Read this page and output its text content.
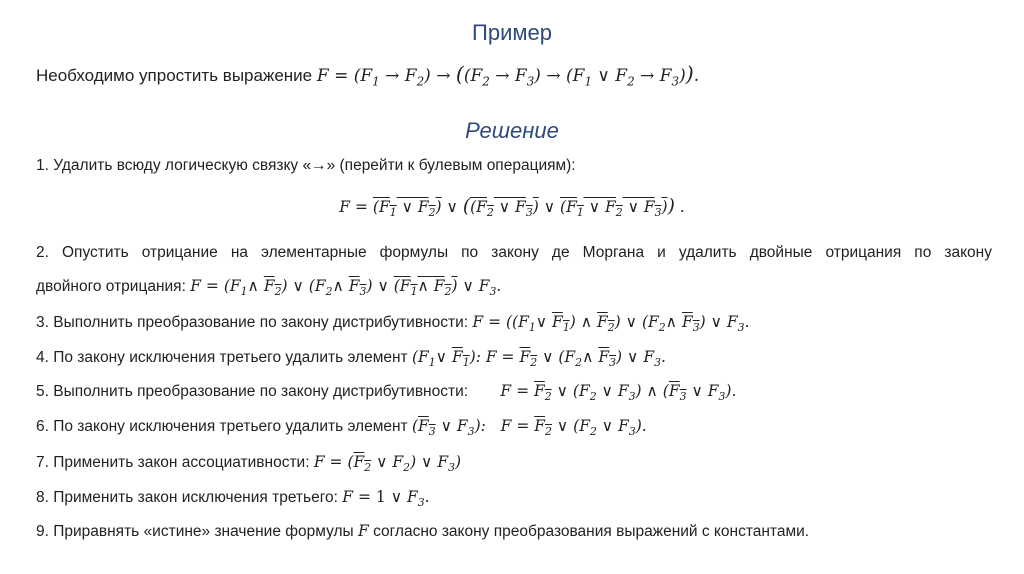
Пример
Необходимо упростить выражение $F = (F_1 \to F_2) \to ((F_2 \to F_3) \to (F_1$ ∨ $F_2 \to F_3$)).
Решение
1. Удалить всюду логическую связку «→» (перейти к булевым операциям):
$F = (F_1$ ∨ $F_2$) ∨ (($F_2$ ∨ $F_3$) ∨ ($F_1$ ∨ $F_2$ ∨ $F_3$)) .
2. Опустить отрицание на элементарные формулы по закону де Моргана и удалить двойные отрицания по закону
двойного отрицания: $F = (F_1\wedge$ $F_2$) ∨ ($F_2\wedge$ $F_3$) ∨ ($F_1\wedge$ $F_2$) ∨ $F_3$.
3. Выполнить преобразование по закону дистрибутивности: $F = ((F_1\vee$ $F_1$) ∧ $F_2$) ∨ ($F_2\wedge$ $F_3$) ∨ $F_3$.
4. По закону исключения третьего удалить элемент ($F_1\vee$ $F_1$): $F = F_2$ ∨ ($F_2\wedge$ $F_3$) ∨ $F_3$.
5. Выполнить преобразование по закону дистрибутивности: $F = F_2$ ∨ ($F_2$ ∨ $F_3$) ∧ ($F_3$ ∨ $F_3$).
6. По закону исключения третьего удалить элемент ($F_3$ ∨ $F_3$):   $F = F_2$ ∨ ($F_2$ ∨ $F_3$).
7. Применить закон ассоциативности: $F = (F_2$ ∨ $F_2$) ∨ $F_3$)
8. Применить закон исключения третьего: F = 1 ∨ $F_3$.
9. Приравнять «истине» значение формулы F согласно закону преобразования выражений с константами.
